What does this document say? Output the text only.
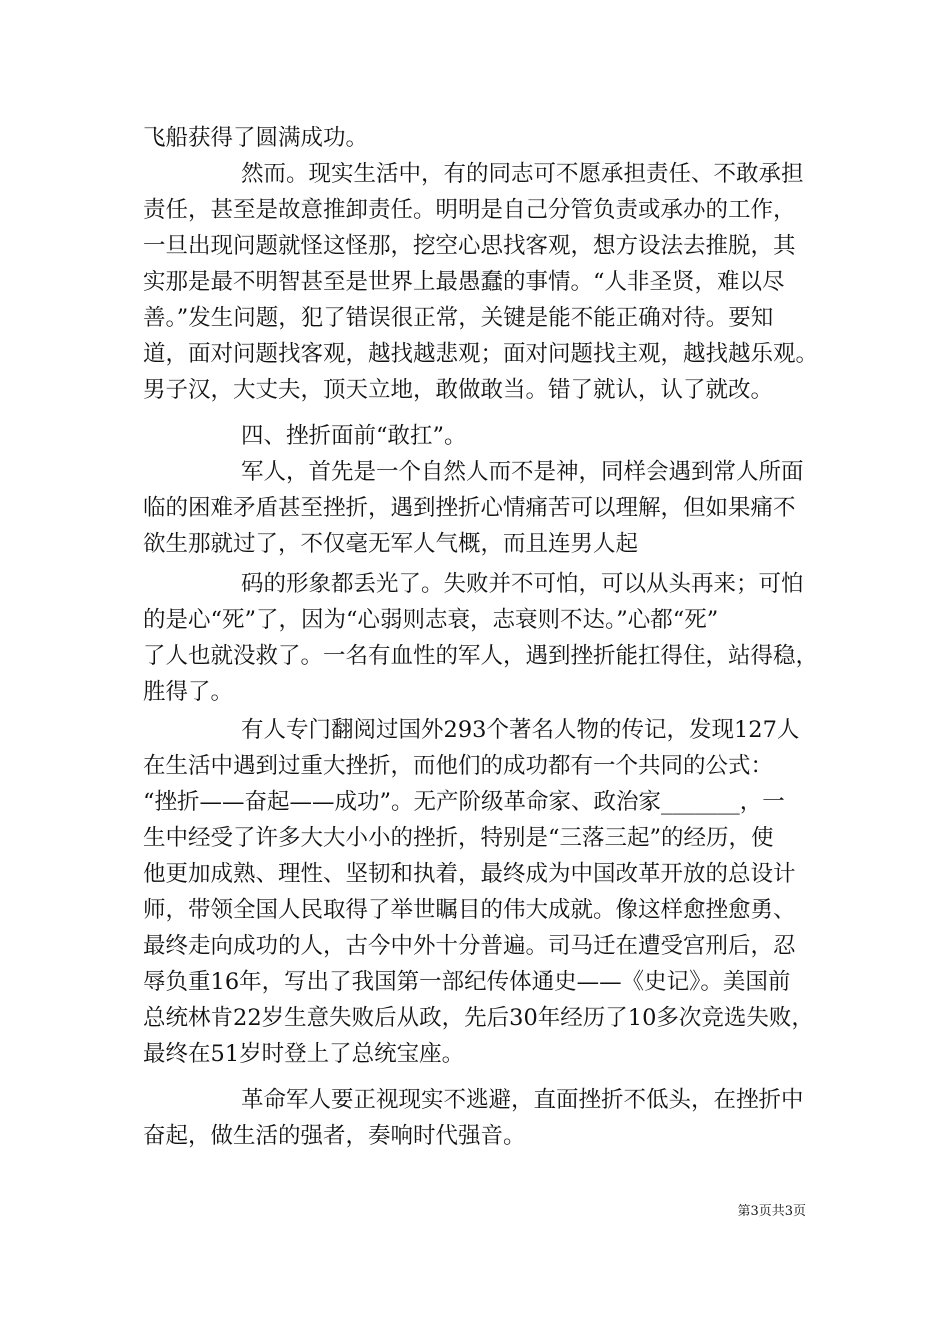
飞船获得了圆满成功。
然而。现实生活中，有的同志可不愿承担责任、不敢承担
责任，甚至是故意推卸责任。明明是自己分管负责或承办的工作，
一旦出现问题就怪这怪那，挖空心思找客观，想方设法去推脱，其
实那是最不明智甚至是世界上最愚蠢的事情。“人非圣贤，难以尽
善。”发生问题，犯了错误很正常，关键是能不能正确对待。要知
道，面对问题找客观，越找越悲观；面对问题找主观，越找越乐观。
男子汉，大丈夫，顶天立地，敢做敢当。错了就认，认了就改。
四、挫折面前“敢扛”。
军人，首先是一个自然人而不是神，同样会遇到常人所面
临的困难矛盾甚至挫折，遇到挫折心情痛苦可以理解，但如果痛不
欲生那就过了，不仅毫无军人气概，而且连男人起
码的形象都丢光了。失败并不可怕，可以从头再来；可怕
的是心“死”了，因为“心弱则志衰，志衰则不达。”心都“死”
了人也就没救了。一名有血性的军人，遇到挫折能扛得住，站得稳，
胜得了。
有人专门翻阅过国外293个著名人物的传记，发现127人
在生活中遇到过重大挫折，而他们的成功都有一个共同的公式：
“挫折——奋起——成功”。无产阶级革命家、政治家_______，一
生中经受了许多大大小小的挫折，特别是“三落三起”的经历，使
他更加成熟、理性、坚韧和执着，最终成为中国改革开放的总设计
师，带领全国人民取得了举世瞩目的伟大成就。像这样愈挫愈勇、
最终走向成功的人，古今中外十分普遍。司马迁在遭受宫刑后，忍
辱负重16年，写出了我国第一部纪传体通史——《史记》。美国前
总统林肯22岁生意失败后从政，先后30年经历了10多次竞选失败，
最终在51岁时登上了总统宝座。
革命军人要正视现实不逃避，直面挫折不低头，在挫折中
奋起，做生活的强者，奏响时代强音。
第3页共3页
